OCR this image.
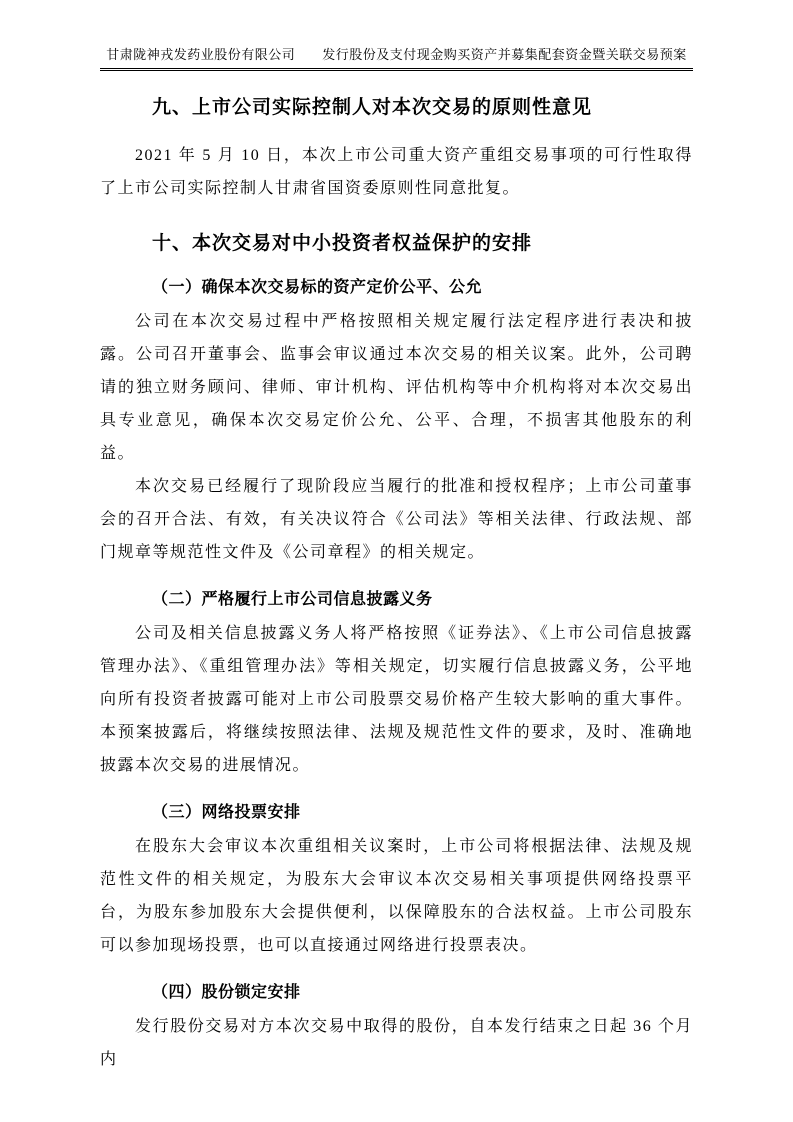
甘肃陇神戎发药业股份有限公司　　发行股份及支付现金购买资产并募集配套资金暨关联交易预案
九、上市公司实际控制人对本次交易的原则性意见

2021 年 5 月 10 日，本次上市公司重大资产重组交易事项的可行性取得了上市公司实际控制人甘肃省国资委原则性同意批复。

十、本次交易对中小投资者权益保护的安排
（一）确保本次交易标的资产定价公平、公允

公司在本次交易过程中严格按照相关规定履行法定程序进行表决和披露。公司召开董事会、监事会审议通过本次交易的相关议案。此外，公司聘请的独立财务顾问、律师、审计机构、评估机构等中介机构将对本次交易出具专业意见，确保本次交易定价公允、公平、合理，不损害其他股东的利益。

本次交易已经履行了现阶段应当履行的批准和授权程序；上市公司董事会的召开合法、有效，有关决议符合《公司法》等相关法律、行政法规、部门规章等规范性文件及《公司章程》的相关规定。

（二）严格履行上市公司信息披露义务

公司及相关信息披露义务人将严格按照《证券法》、《上市公司信息披露管理办法》、《重组管理办法》等相关规定，切实履行信息披露义务，公平地向所有投资者披露可能对上市公司股票交易价格产生较大影响的重大事件。本预案披露后，将继续按照法律、法规及规范性文件的要求，及时、准确地披露本次交易的进展情况。

（三）网络投票安排

在股东大会审议本次重组相关议案时，上市公司将根据法律、法规及规范性文件的相关规定，为股东大会审议本次交易相关事项提供网络投票平台，为股东参加股东大会提供便利，以保障股东的合法权益。上市公司股东可以参加现场投票，也可以直接通过网络进行投票表决。

（四）股份锁定安排

发行股份交易对方本次交易中取得的股份，自本发行结束之日起 36 个月内
